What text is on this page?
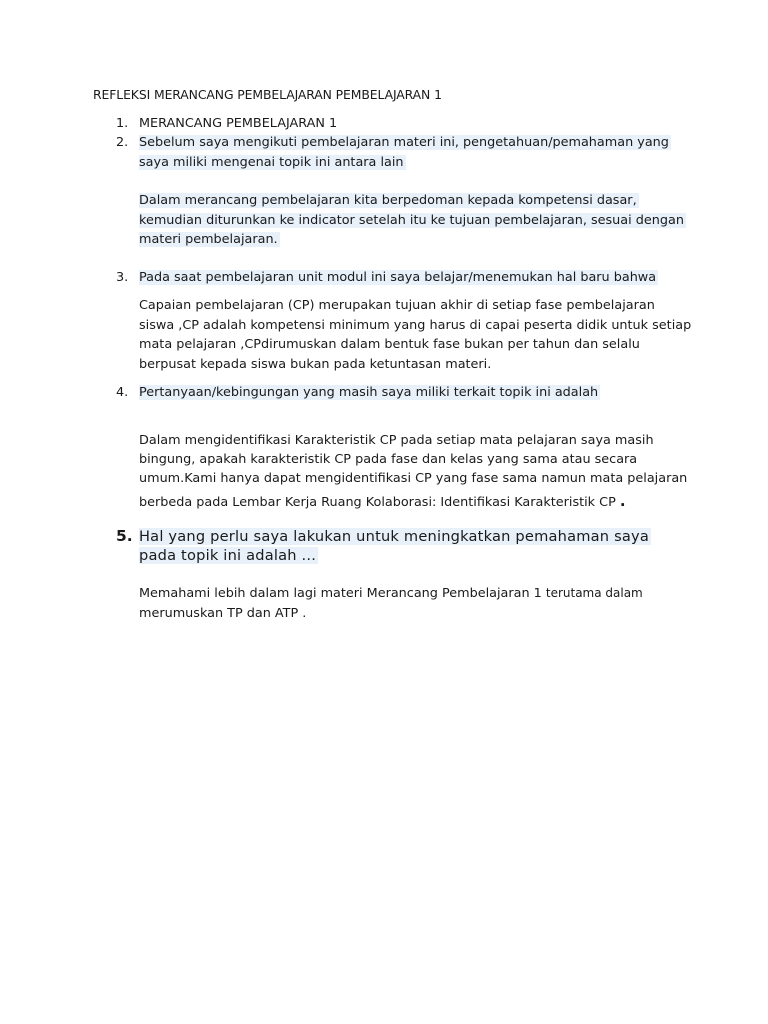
REFLEKSI MERANCANG PEMBELAJARAN PEMBELAJARAN 1
1. MERANCANG PEMBELAJARAN 1
2. Sebelum saya mengikuti pembelajaran materi ini, pengetahuan/pemahaman yang
saya miliki mengenai topik ini antara lain
Dalam merancang pembelajaran kita berpedoman kepada kompetensi dasar,
kemudian diturunkan ke indicator setelah itu ke tujuan pembelajaran, sesuai dengan
materi pembelajaran.
3. Pada saat pembelajaran unit modul ini saya belajar/menemukan hal baru bahwa
Capaian pembelajaran (CP) merupakan tujuan akhir di setiap fase pembelajaran
siswa ,CP adalah kompetensi minimum yang harus di capai peserta didik untuk setiap
mata pelajaran ,CPdirumuskan dalam bentuk fase bukan per tahun dan selalu
berpusat kepada siswa bukan pada ketuntasan materi.
4. Pertanyaan/kebingungan yang masih saya miliki terkait topik ini adalah
Dalam mengidentifikasi Karakteristik CP pada setiap mata pelajaran saya masih
bingung, apakah karakteristik CP pada fase dan kelas yang sama atau secara
umum.Kami hanya dapat mengidentifikasi CP yang fase sama namun mata pelajaran
berbeda pada Lembar Kerja Ruang Kolaborasi: Identifikasi Karakteristik CP .
5. Hal yang perlu saya lakukan untuk meningkatkan pemahaman saya
pada topik ini adalah ...
Memahami lebih dalam lagi materi Merancang Pembelajaran 1 terutama dalam
merumuskan TP dan ATP .
